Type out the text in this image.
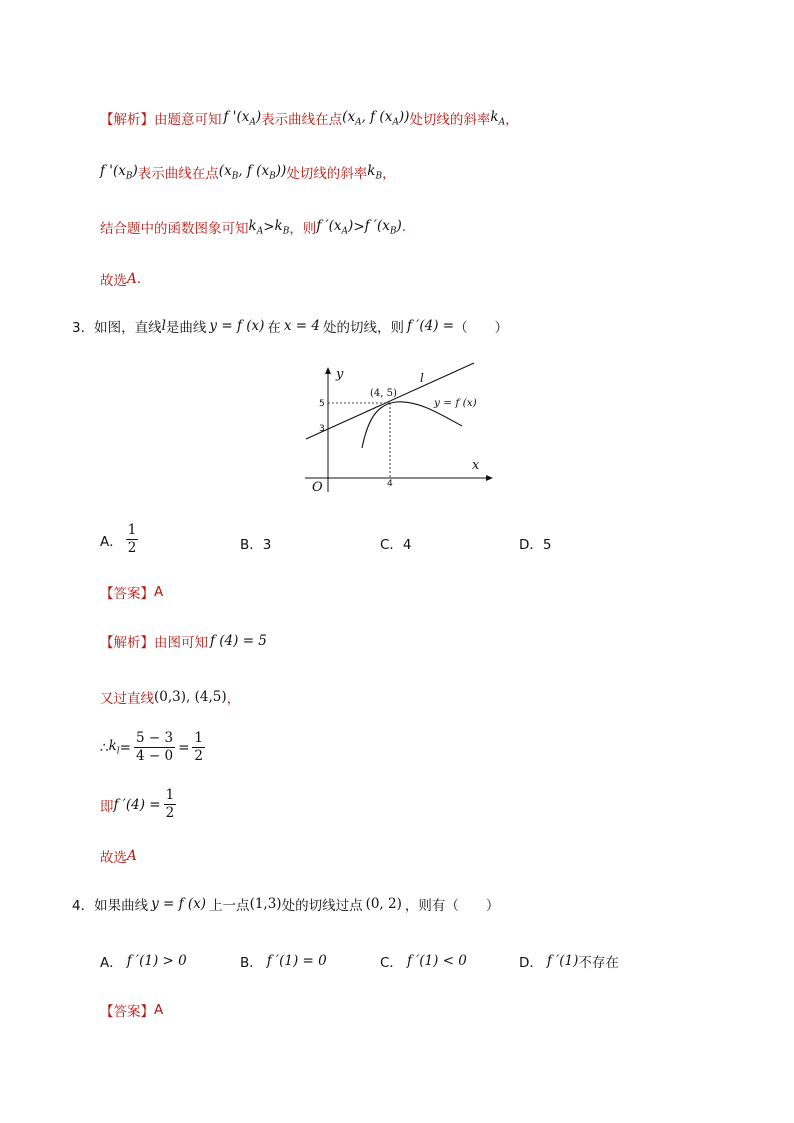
【解析】 由题意可知 f '$(x_A)$ 表示曲线在点 ($x_A$, f $(x_A)$) 处切线的斜率 $k_A$ ，
f '$(x_B)$ 表示曲线在点 ($x_B$, f $(x_B)$) 处切线的斜率 $k_B$ ，
结合题中的函数图象可知 $k_A > k_B$ ，则 f $'(x_A) > f$ $'(x_B)$ .
故选 A .
3．如图，直线 l 是曲线 y = f (x) 在 x = 4 处的切线，则 f ′(4) = （　　）
y
x
O
(4, 5)
l
y = f (x)
5
3
4
A． $\frac{1}{2}$	B．3	C．4	D．5
【答案】 A
【解析】 由图可知 f (4) = 5
又过直线 (0,3), (4,5) ，
∴ $k_l = \frac{5 - 3}{4 - 0} = \frac{1}{2}$
即 f $'(4) = \frac{1}{2}$
故选 A
4．如果曲线 y = f (x) 上一点 (1,3) 处的切线过点 (0, 2) ，则有（　　）
A． f ′(1) > 0	B． f ′(1) = 0	C． f ′(1) < 0	D． f ′(1) 不存在
【答案】 A
